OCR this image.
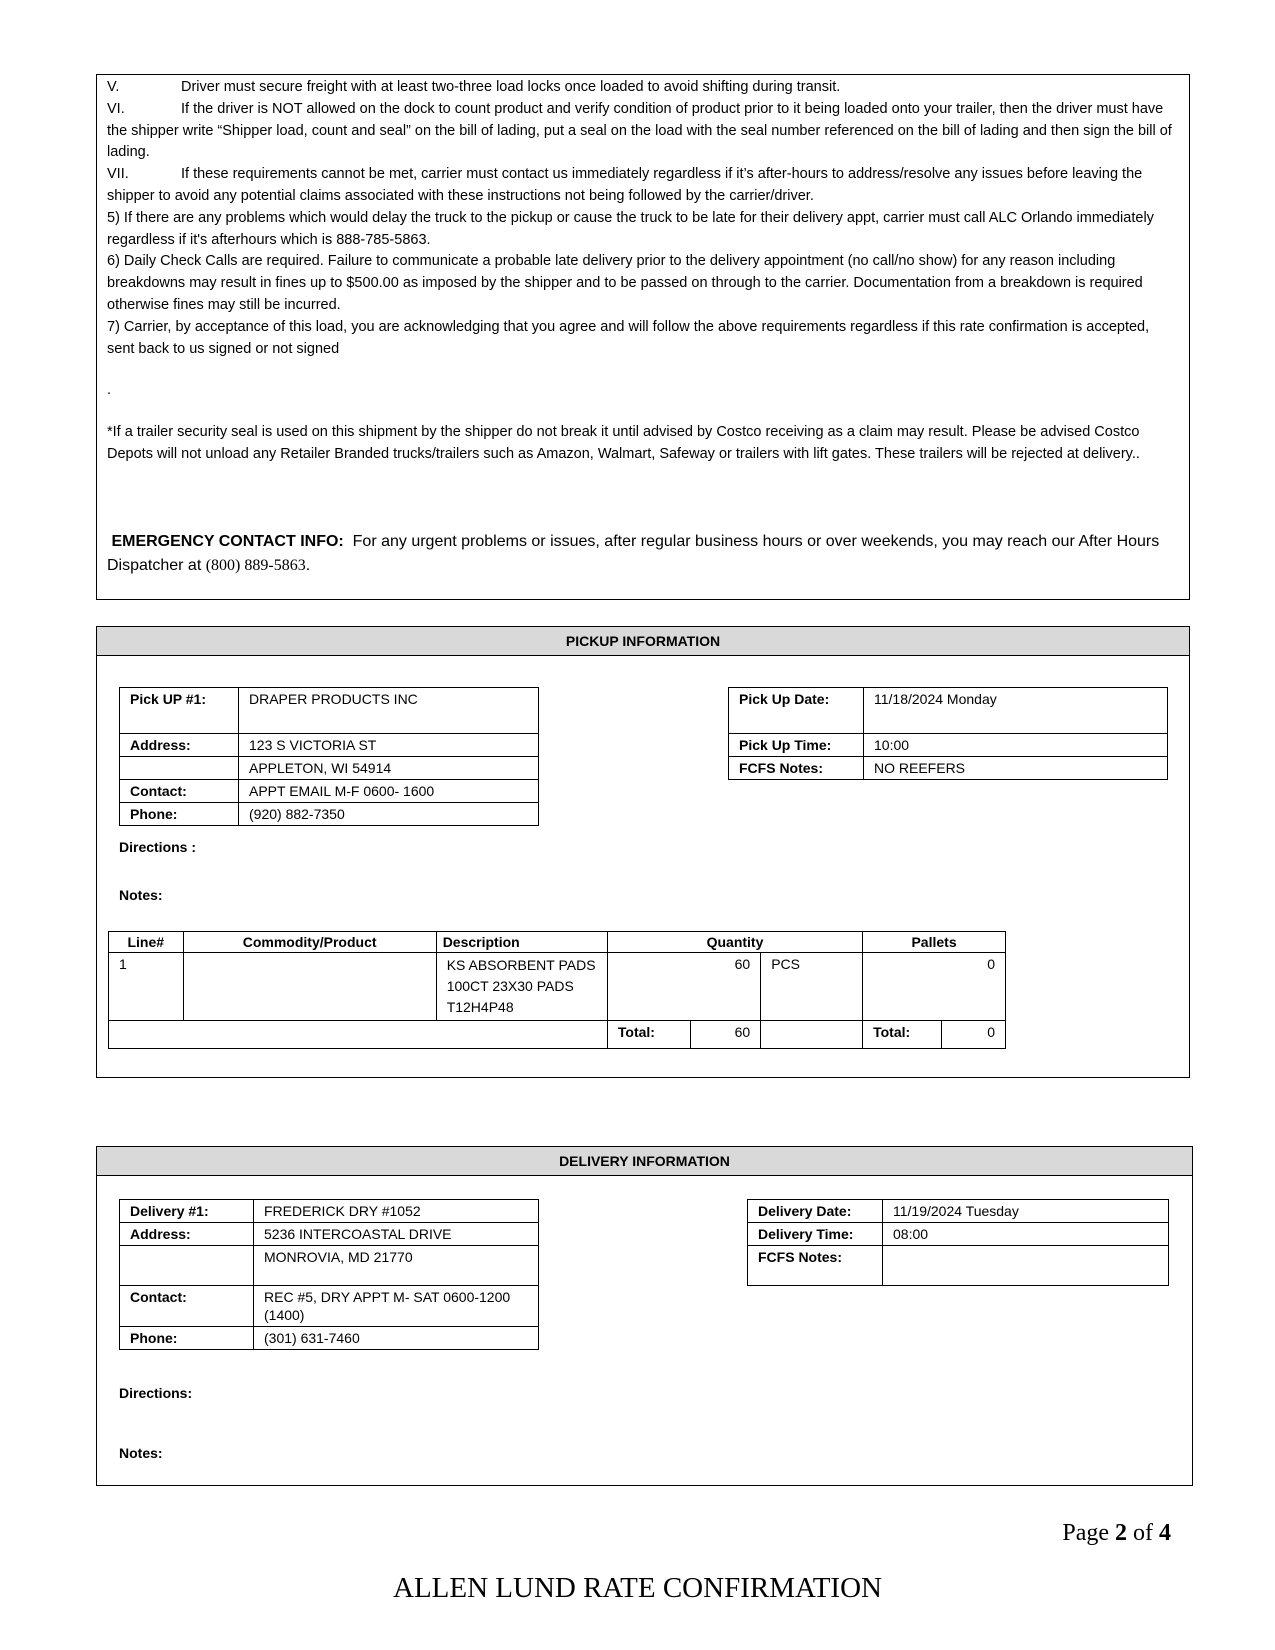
V.	Driver must secure freight with at least two-three load locks once loaded to avoid shifting during transit.

VI.	If the driver is NOT allowed on the dock to count product and verify condition of product prior to it being loaded onto your trailer, then the driver must have the shipper write “Shipper load, count and seal” on the bill of lading, put a seal on the load with the seal number referenced on the bill of lading and then sign the bill of lading.

VII.	If these requirements cannot be met, carrier must contact us immediately regardless if it’s after-hours to address/resolve any issues before leaving the shipper to avoid any potential claims associated with these instructions not being followed by the carrier/driver.

5) If there are any problems which would delay the truck to the pickup or cause the truck to be late for their delivery appt, carrier must call ALC Orlando immediately regardless if it's afterhours which is 888-785-5863.

6) Daily Check Calls are required. Failure to communicate a probable late delivery prior to the delivery appointment (no call/no show) for any reason including breakdowns may result in fines up to $500.00 as imposed by the shipper and to be passed on through to the carrier. Documentation from a breakdown is required otherwise fines may still be incurred.

7) Carrier, by acceptance of this load, you are acknowledging that you agree and will follow the above requirements regardless if this rate confirmation is accepted, sent back to us signed or not signed

.

*If a trailer security seal is used on this shipment by the shipper do not break it until advised by Costco receiving as a claim may result. Please be advised Costco Depots will not unload any Retailer Branded trucks/trailers such as Amazon, Walmart, Safeway or trailers with lift gates. These trailers will be rejected at delivery..

EMERGENCY CONTACT INFO: For any urgent problems or issues, after regular business hours or over weekends, you may reach our After Hours Dispatcher at (800) 889-5863.

PICKUP INFORMATION
Pick UP #1:	DRAPER PRODUCTS INC
Address:	123 S VICTORIA ST
	APPLETON, WI 54914
Contact:	APPT EMAIL M-F 0600- 1600
Phone:	(920) 882-7350
Pick Up Date:	11/18/2024 Monday
Pick Up Time:	10:00
FCFS Notes:	NO REEFERS
Directions :
Notes:
Line#	Commodity/Product	Description	Quantity			Pallets	
1		KS ABSORBENT PADS
100CT 23X30 PADS
T12H4P48	60		PCS	0	
			Total:	60		Total:	0
DELIVERY INFORMATION
Delivery #1:	FREDERICK DRY #1052
Address:	5236 INTERCOASTAL DRIVE
	MONROVIA, MD 21770
Contact:	REC #5, DRY APPT M- SAT 0600-1200 (1400)
Phone:	(301) 631-7460
Delivery Date:	11/19/2024 Tuesday
Delivery Time:	08:00
FCFS Notes:	
Directions:
Notes:
Page 2 of 4
ALLEN LUND RATE CONFIRMATION
